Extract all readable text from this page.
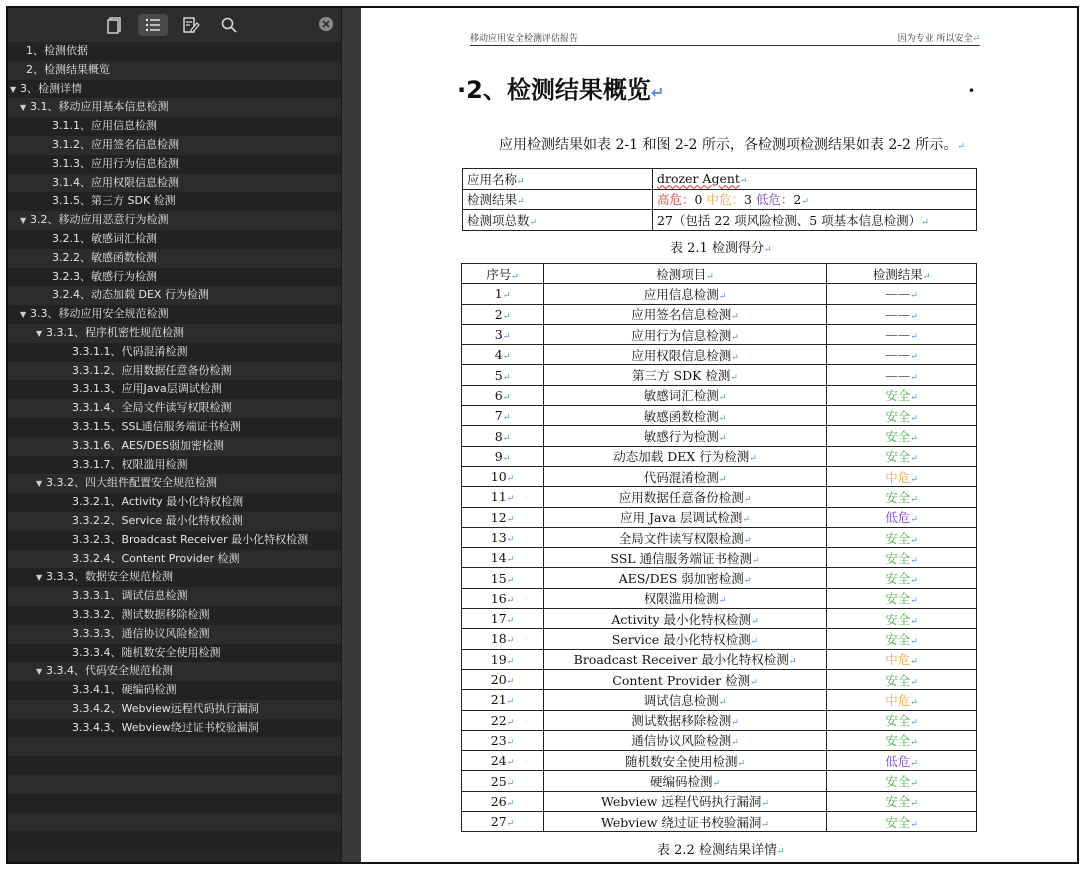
1、检测依据
2、检测结果概览
▼ 3、检测详情
▼ 3.1、移动应用基本信息检测
3.1.1、应用信息检测
3.1.2、应用签名信息检测
3.1.3、应用行为信息检测
3.1.4、应用权限信息检测
3.1.5、第三方 SDK 检测
▼ 3.2、移动应用恶意行为检测
3.2.1、敏感词汇检测
3.2.2、敏感函数检测
3.2.3、敏感行为检测
3.2.4、动态加载 DEX 行为检测
▼ 3.3、移动应用安全规范检测
▼ 3.3.1、程序机密性规范检测
3.3.1.1、代码混淆检测
3.3.1.2、应用数据任意备份检测
3.3.1.3、应用Java层调试检测
3.3.1.4、全局文件读写权限检测
3.3.1.5、SSL通信服务端证书检测
3.3.1.6、AES/DES弱加密检测
3.3.1.7、权限滥用检测
▼ 3.3.2、四大组件配置安全规范检测
3.3.2.1、Activity 最小化特权检测
3.3.2.2、Service 最小化特权检测
3.3.2.3、Broadcast Receiver 最小化特权检测
3.3.2.4、Content Provider 检测
▼ 3.3.3、数据安全规范检测
3.3.3.1、调试信息检测
3.3.3.2、测试数据移除检测
3.3.3.3、通信协议风险检测
3.3.3.4、随机数安全使用检测
▼ 3.3.4、代码安全规范检测
3.3.4.1、硬编码检测
3.3.4.2、Webview远程代码执行漏洞
3.3.4.3、Webview绕过证书校验漏洞
移动应用安全检测评估报告	因为专业 所以安全↵
·2、检测结果概览↵	·
应用检测结果如表 2-1 和图 2-2 所示，各检测项检测结果如表 2-2 所示。↵
应用名称↵	drozer Agent↵
检测结果↵	高危：0 中危：3 低危：2↵
检测项总数↵	27（包括 22 项风险检测、5 项基本信息检测）↵
表 2.1 检测得分↵
序号↵	检测项目↵	检测结果↵
1↵	应用信息检测↵	——↵
2↵	应用签名信息检测↵	——↵
3↵	应用行为信息检测↵	——↵
4↵	应用权限信息检测↵	——↵
5↵	第三方 SDK 检测↵	——↵
6↵	敏感词汇检测↵	安全↵
7↵	敏感函数检测↵	安全↵
8↵	敏感行为检测↵	安全↵
9↵	动态加载 DEX 行为检测↵	安全↵
10↵	代码混淆检测↵	中危↵
11↵	应用数据任意备份检测↵	安全↵
12↵	应用 Java 层调试检测↵	低危↵
13↵	全局文件读写权限检测↵	安全↵
14↵	SSL 通信服务端证书检测↵	安全↵
15↵	AES/DES 弱加密检测↵	安全↵
16↵	权限滥用检测↵	安全↵
17↵	Activity 最小化特权检测↵	安全↵
18↵	Service 最小化特权检测↵	安全↵
19↵	Broadcast Receiver 最小化特权检测↵	中危↵
20↵	Content Provider 检测↵	安全↵
21↵	调试信息检测↵	中危↵
22↵	测试数据移除检测↵	安全↵
23↵	通信协议风险检测↵	安全↵
24↵	随机数安全使用检测↵	低危↵
25↵	硬编码检测↵	安全↵
26↵	Webview 远程代码执行漏洞↵	安全↵
27↵	Webview 绕过证书校验漏洞↵	安全↵
表 2.2 检测结果详情↵
